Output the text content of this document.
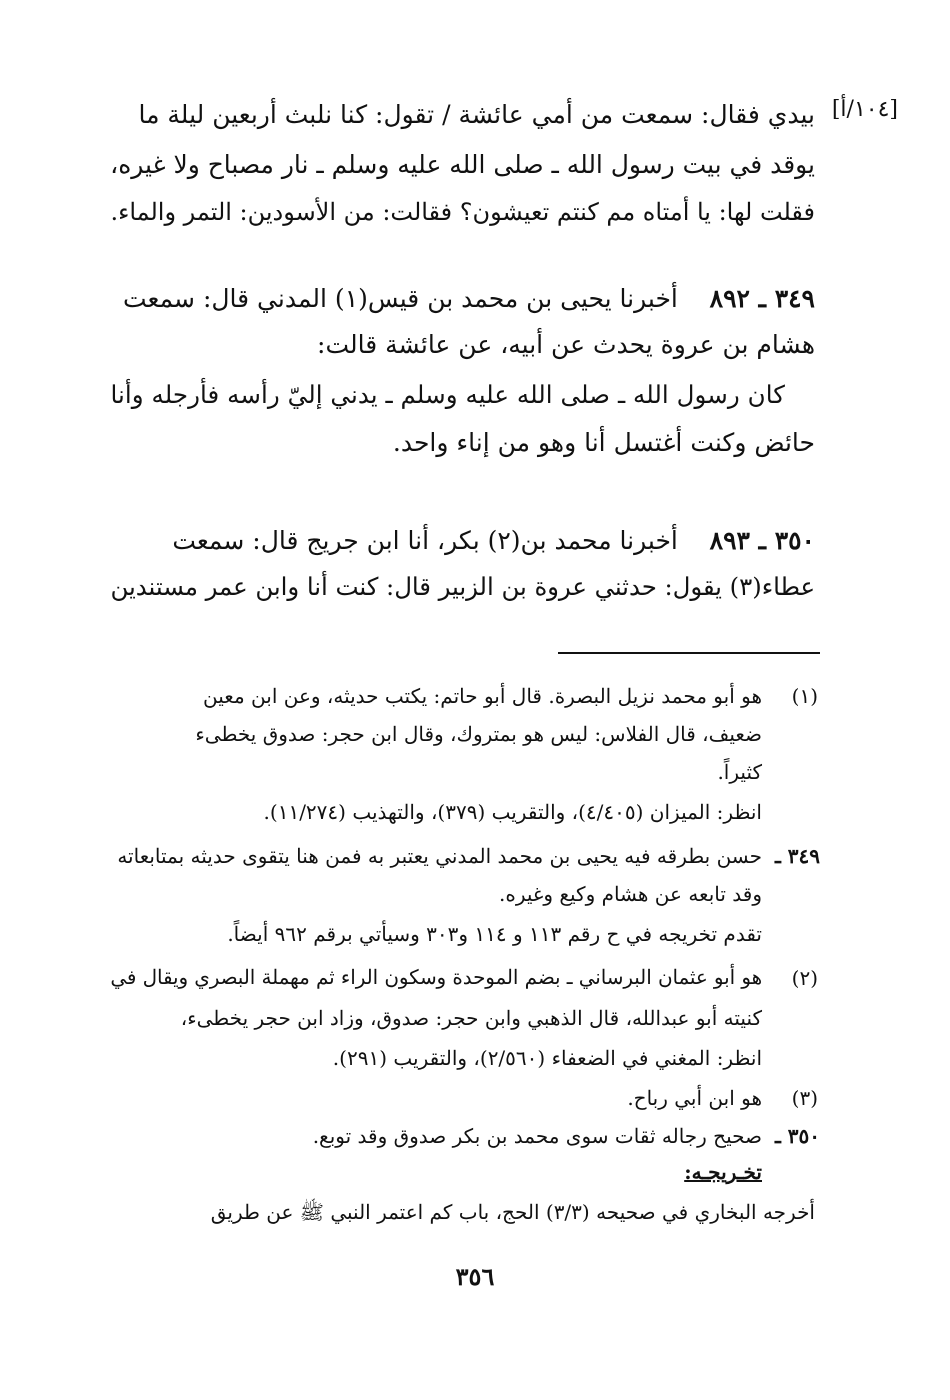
[١٠٤/أ]
بيدي فقال: سمعت من أمي عائشة / تقول: كنا نلبث أربعين ليلة ما
يوقد في بيت رسول الله ـ صلى الله عليه وسلم ـ نار مصباح ولا غيره،
فقلت لها: يا أمتاه مم كنتم تعيشون؟ فقالت: من الأسودين: التمر والماء.
٣٤٩ ـ ٨٩٢    أخبرنا يحيى بن محمد بن قيس(١) المدني قال: سمعت
هشام بن عروة يحدث عن أبيه، عن عائشة قالت:
كان رسول الله ـ صلى الله عليه وسلم ـ يدني إليّ رأسه فأرجله وأنا
حائض وكنت أغتسل أنا وهو من إناء واحد.
٣٥٠ ـ ٨٩٣    أخبرنا محمد بن(٢) بكر، أنا ابن جريج قال: سمعت
عطاء(٣) يقول: حدثني عروة بن الزبير قال: كنت أنا وابن عمر مستندين
(١)
هو أبو محمد نزيل البصرة. قال أبو حاتم: يكتب حديثه، وعن ابن معين
ضعيف، قال الفلاس: ليس هو بمتروك، وقال ابن حجر: صدوق يخطىء
كثيراً.
انظر: الميزان (٤/٤٠٥)، والتقريب (٣٧٩)، والتهذيب (١١/٢٧٤).
٣٤٩ ـ
حسن بطرقه فيه يحيى بن محمد المدني يعتبر به فمن هنا يتقوى حديثه بمتابعاته
وقد تابعه عن هشام وكيع وغيره.
تقدم تخريجه في ح رقم ١١٣ و ١١٤ و٣٠٣ وسيأتي برقم ٩٦٢ أيضاً.
(٢)
هو أبو عثمان البرساني ـ بضم الموحدة وسكون الراء ثم مهملة البصري ويقال في
كنيته أبو عبدالله، قال الذهبي وابن حجر: صدوق، وزاد ابن حجر يخطىء،
انظر: المغني في الضعفاء (٢/٥٦٠)، والتقريب (٢٩١).
(٣)
هو ابن أبي رباح.
٣٥٠ ـ
صحيح رجاله ثقات سوى محمد بن بكر صدوق وقد توبع.
تخـريجـه:
أخرجه البخاري في صحيحه (٣/٣) الحج، باب كم اعتمر النبي ﷺ عن طريق
٣٥٦
